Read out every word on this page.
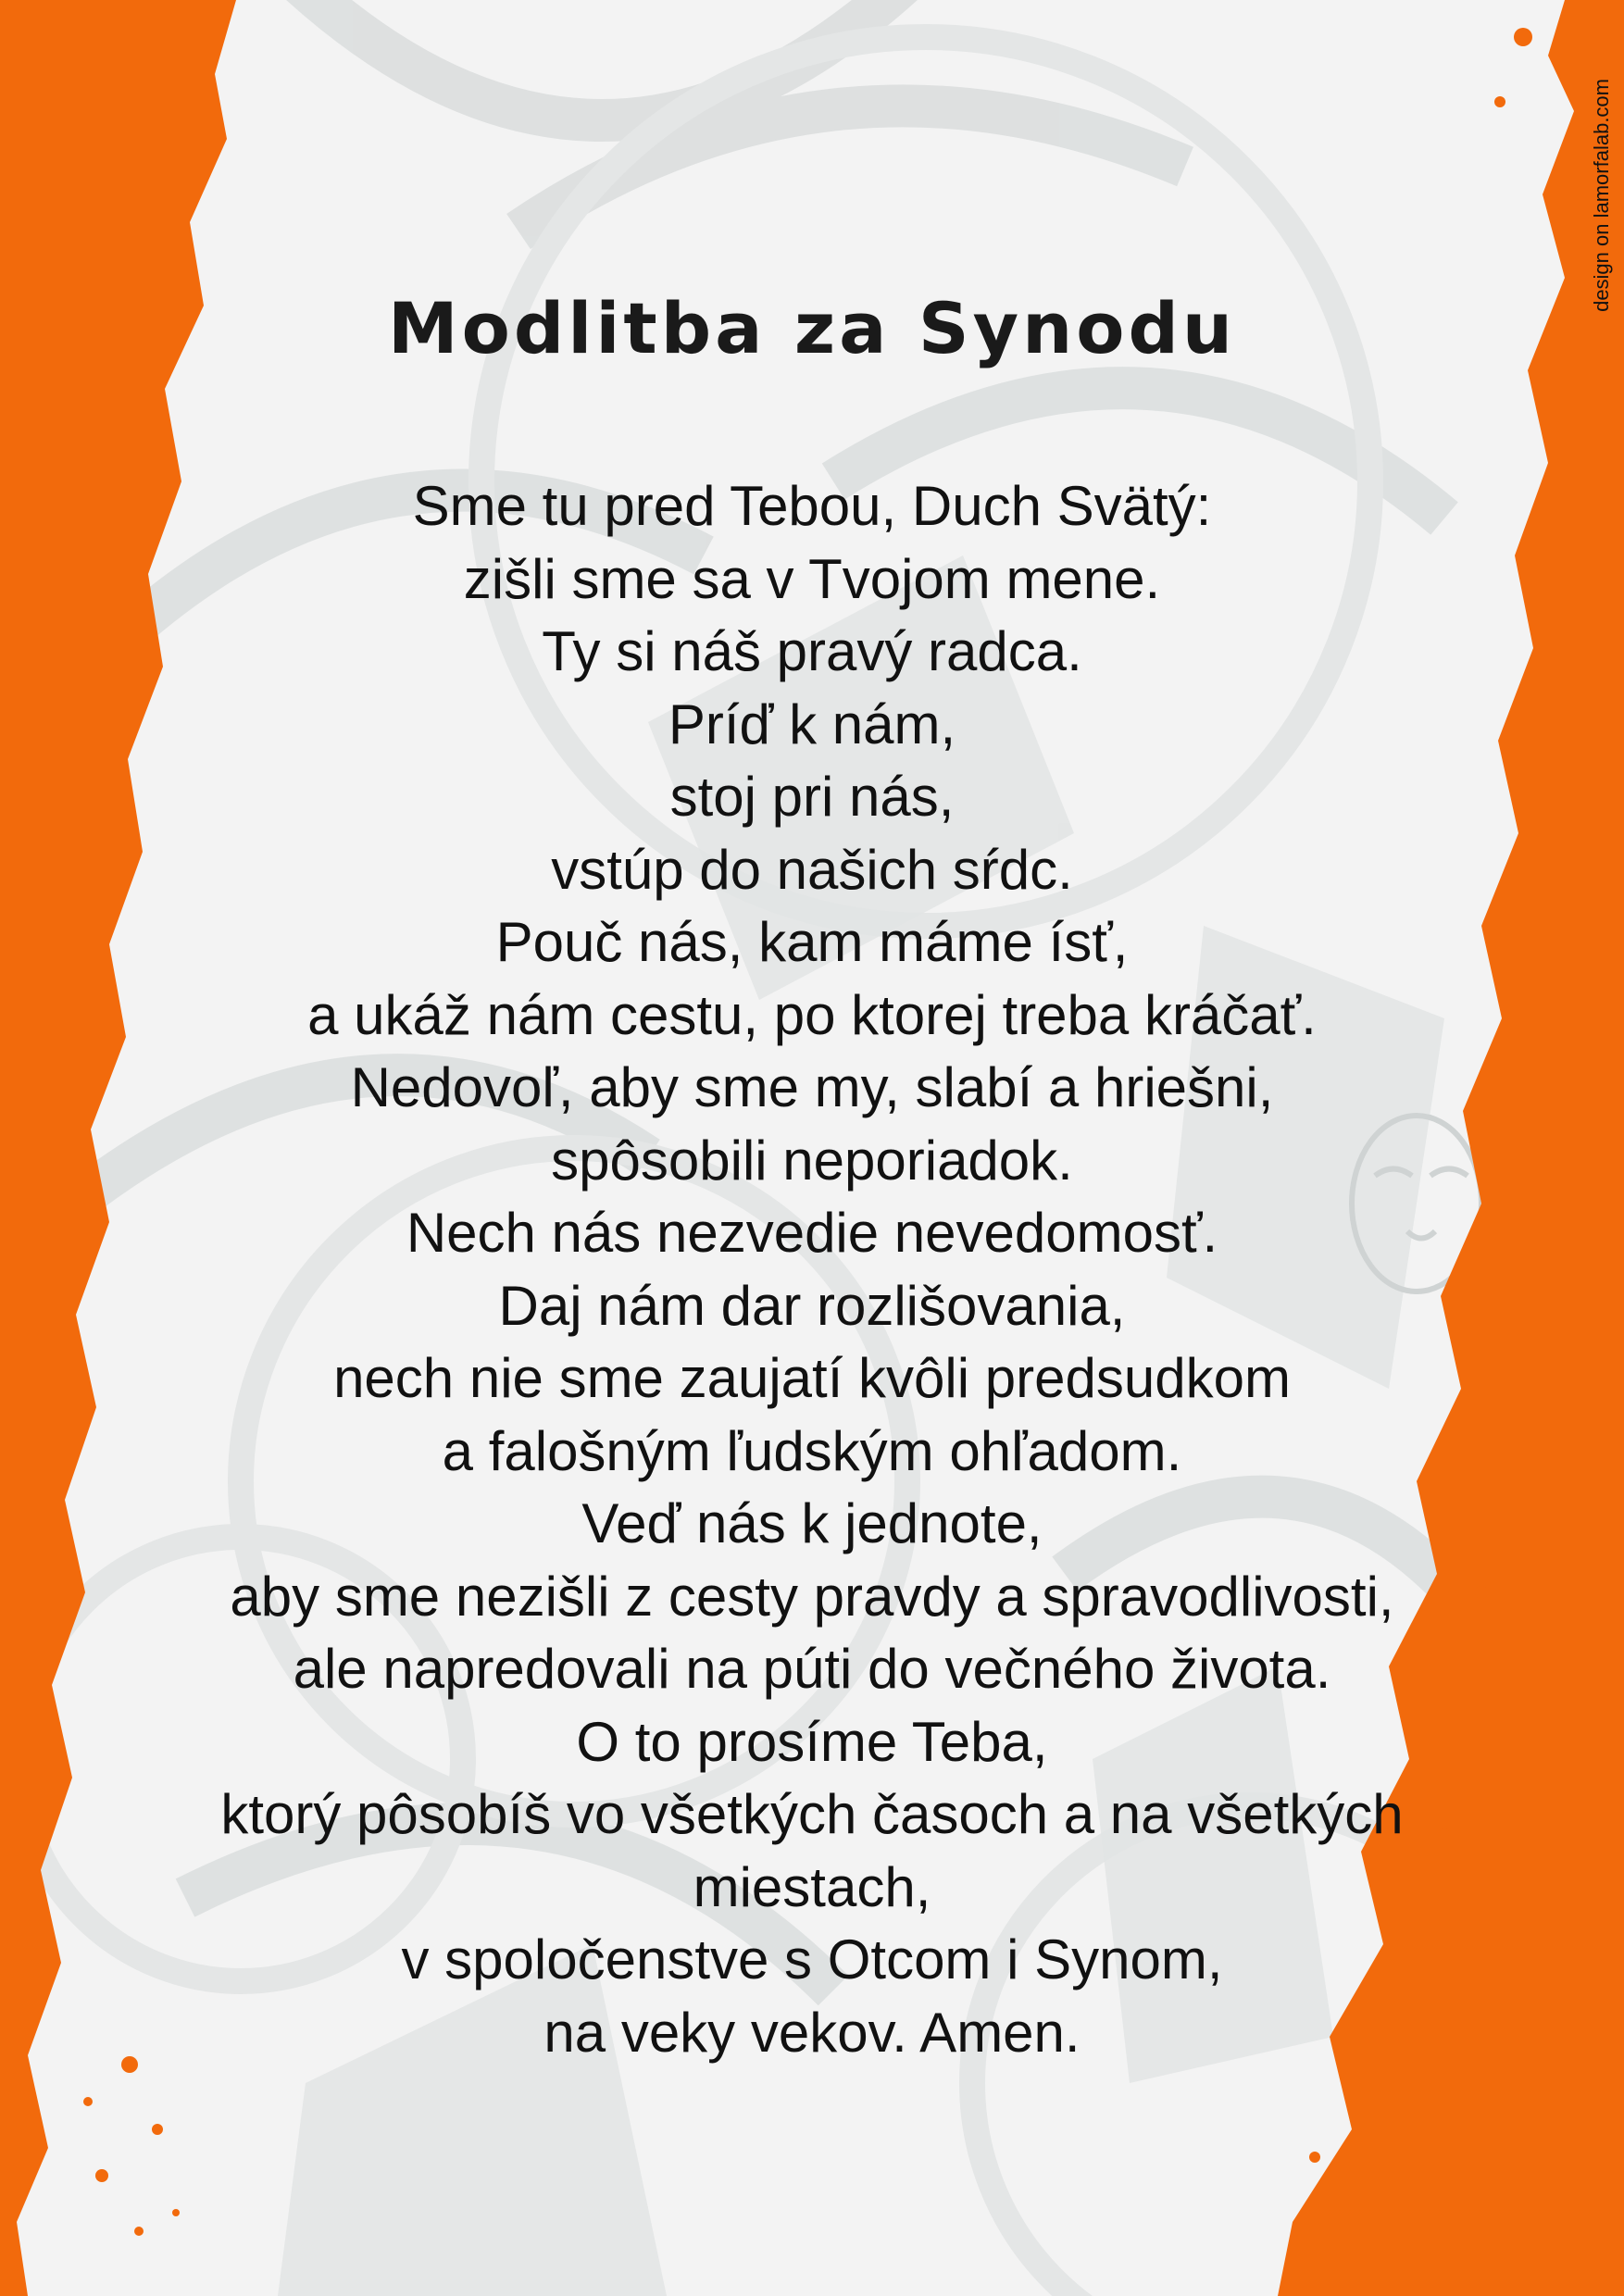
Modlitba za Synodu
Sme tu pred Tebou, Duch Svätý:
zišli sme sa v Tvojom mene.
Ty si náš pravý radca.
Príď k nám,
stoj pri nás,
vstúp do našich sŕdc.
Pouč nás, kam máme ísť,
a ukáž nám cestu, po ktorej treba kráčať.
Nedovoľ, aby sme my, slabí a hriešni,
spôsobili neporiadok.
Nech nás nezvedie nevedomosť.
Daj nám dar rozlišovania,
nech nie sme zaujatí kvôli predsudkom
a falošným ľudským ohľadom.
Veď nás k jednote,
aby sme nezišli z cesty pravdy a spravodlivosti,
ale napredovali na púti do večného života.
O to prosíme Teba,
ktorý pôsobíš vo všetkých časoch a na všetkých
miestach,
v spoločenstve s Otcom i Synom,
na veky vekov. Amen.
design on lamorfalab.com
